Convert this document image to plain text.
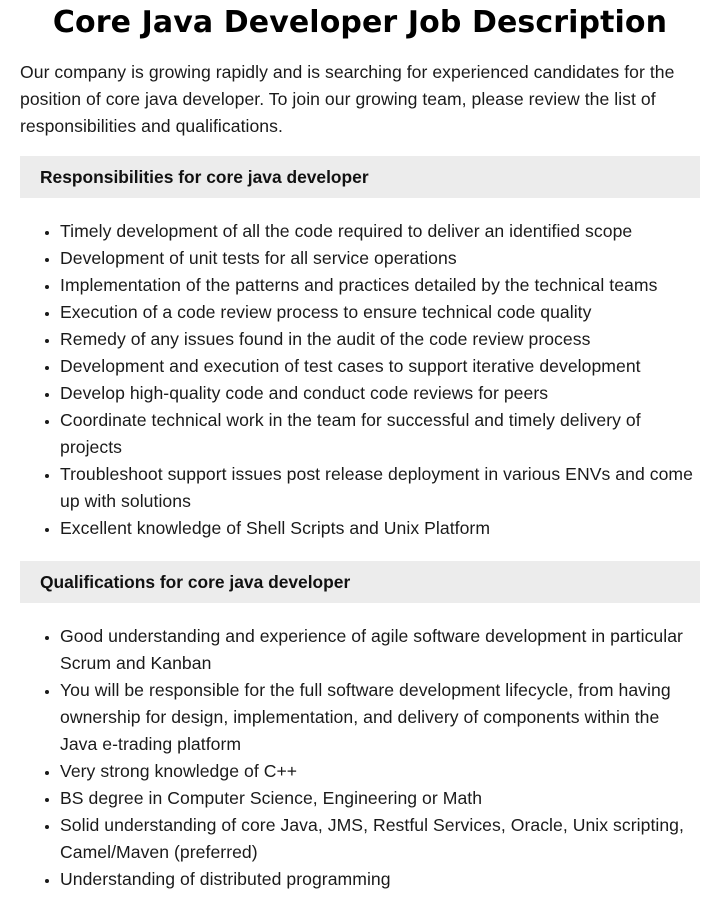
Core Java Developer Job Description

Our company is growing rapidly and is searching for experienced candidates for the position of core java developer. To join our growing team, please review the list of responsibilities and qualifications.

Responsibilities for core java developer
• Timely development of all the code required to deliver an identified scope
• Development of unit tests for all service operations
• Implementation of the patterns and practices detailed by the technical teams
• Execution of a code review process to ensure technical code quality
• Remedy of any issues found in the audit of the code review process
• Development and execution of test cases to support iterative development
• Develop high-quality code and conduct code reviews for peers
• Coordinate technical work in the team for successful and timely delivery of projects
• Troubleshoot support issues post release deployment in various ENVs and come up with solutions
• Excellent knowledge of Shell Scripts and Unix Platform
Qualifications for core java developer
• Good understanding and experience of agile software development in particular Scrum and Kanban
• You will be responsible for the full software development lifecycle, from having ownership for design, implementation, and delivery of components within the Java e-trading platform
• Very strong knowledge of C++
• BS degree in Computer Science, Engineering or Math
• Solid understanding of core Java, JMS, Restful Services, Oracle, Unix scripting, Camel/Maven (preferred)
• Understanding of distributed programming
